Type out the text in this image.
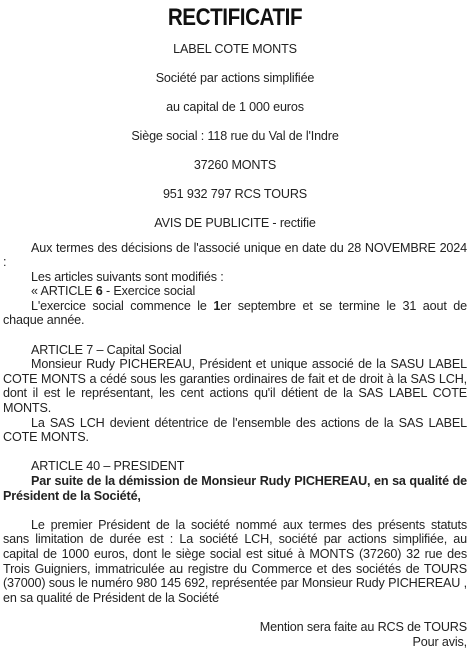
RECTIFICATIF

LABEL COTE MONTS

Société par actions simplifiée

au capital de 1 000 euros

Siège social : 118 rue du Val de l'Indre

37260 MONTS

951 932 797 RCS TOURS

AVIS DE PUBLICITE - rectifie

Aux termes des décisions de l'associé unique en date du 28 NOVEMBRE 2024 :

Les articles suivants sont modifiés :

« ARTICLE 6 - Exercice social

L'exercice social commence le 1er septembre et se termine le 31 aout de chaque année.

ARTICLE 7 – Capital Social

Monsieur Rudy PICHEREAU, Président et unique associé de la SASU LABEL COTE MONTS a cédé sous les garanties ordinaires de fait et de droit à la SAS LCH, dont il est le représentant, les cent actions qu'il détient de la SAS LABEL COTE MONTS.

La SAS LCH devient détentrice de l'ensemble des actions de la SAS LABEL COTE MONTS.

ARTICLE 40 – PRESIDENT

Par suite de la démission de Monsieur Rudy PICHEREAU, en sa qualité de Président de la Société,

Le premier Président de la société nommé aux termes des présents statuts sans limitation de durée est : La société LCH, société par actions simplifiée, au capital de 1000 euros, dont le siège social est situé à MONTS (37260) 32 rue des Trois Guigniers, immatriculée au registre du Commerce et des sociétés de TOURS (37000) sous le numéro 980 145 692, représentée par Monsieur Rudy PICHEREAU , en sa qualité de Président de la Société

Mention sera faite au RCS de TOURS

Pour avis,
